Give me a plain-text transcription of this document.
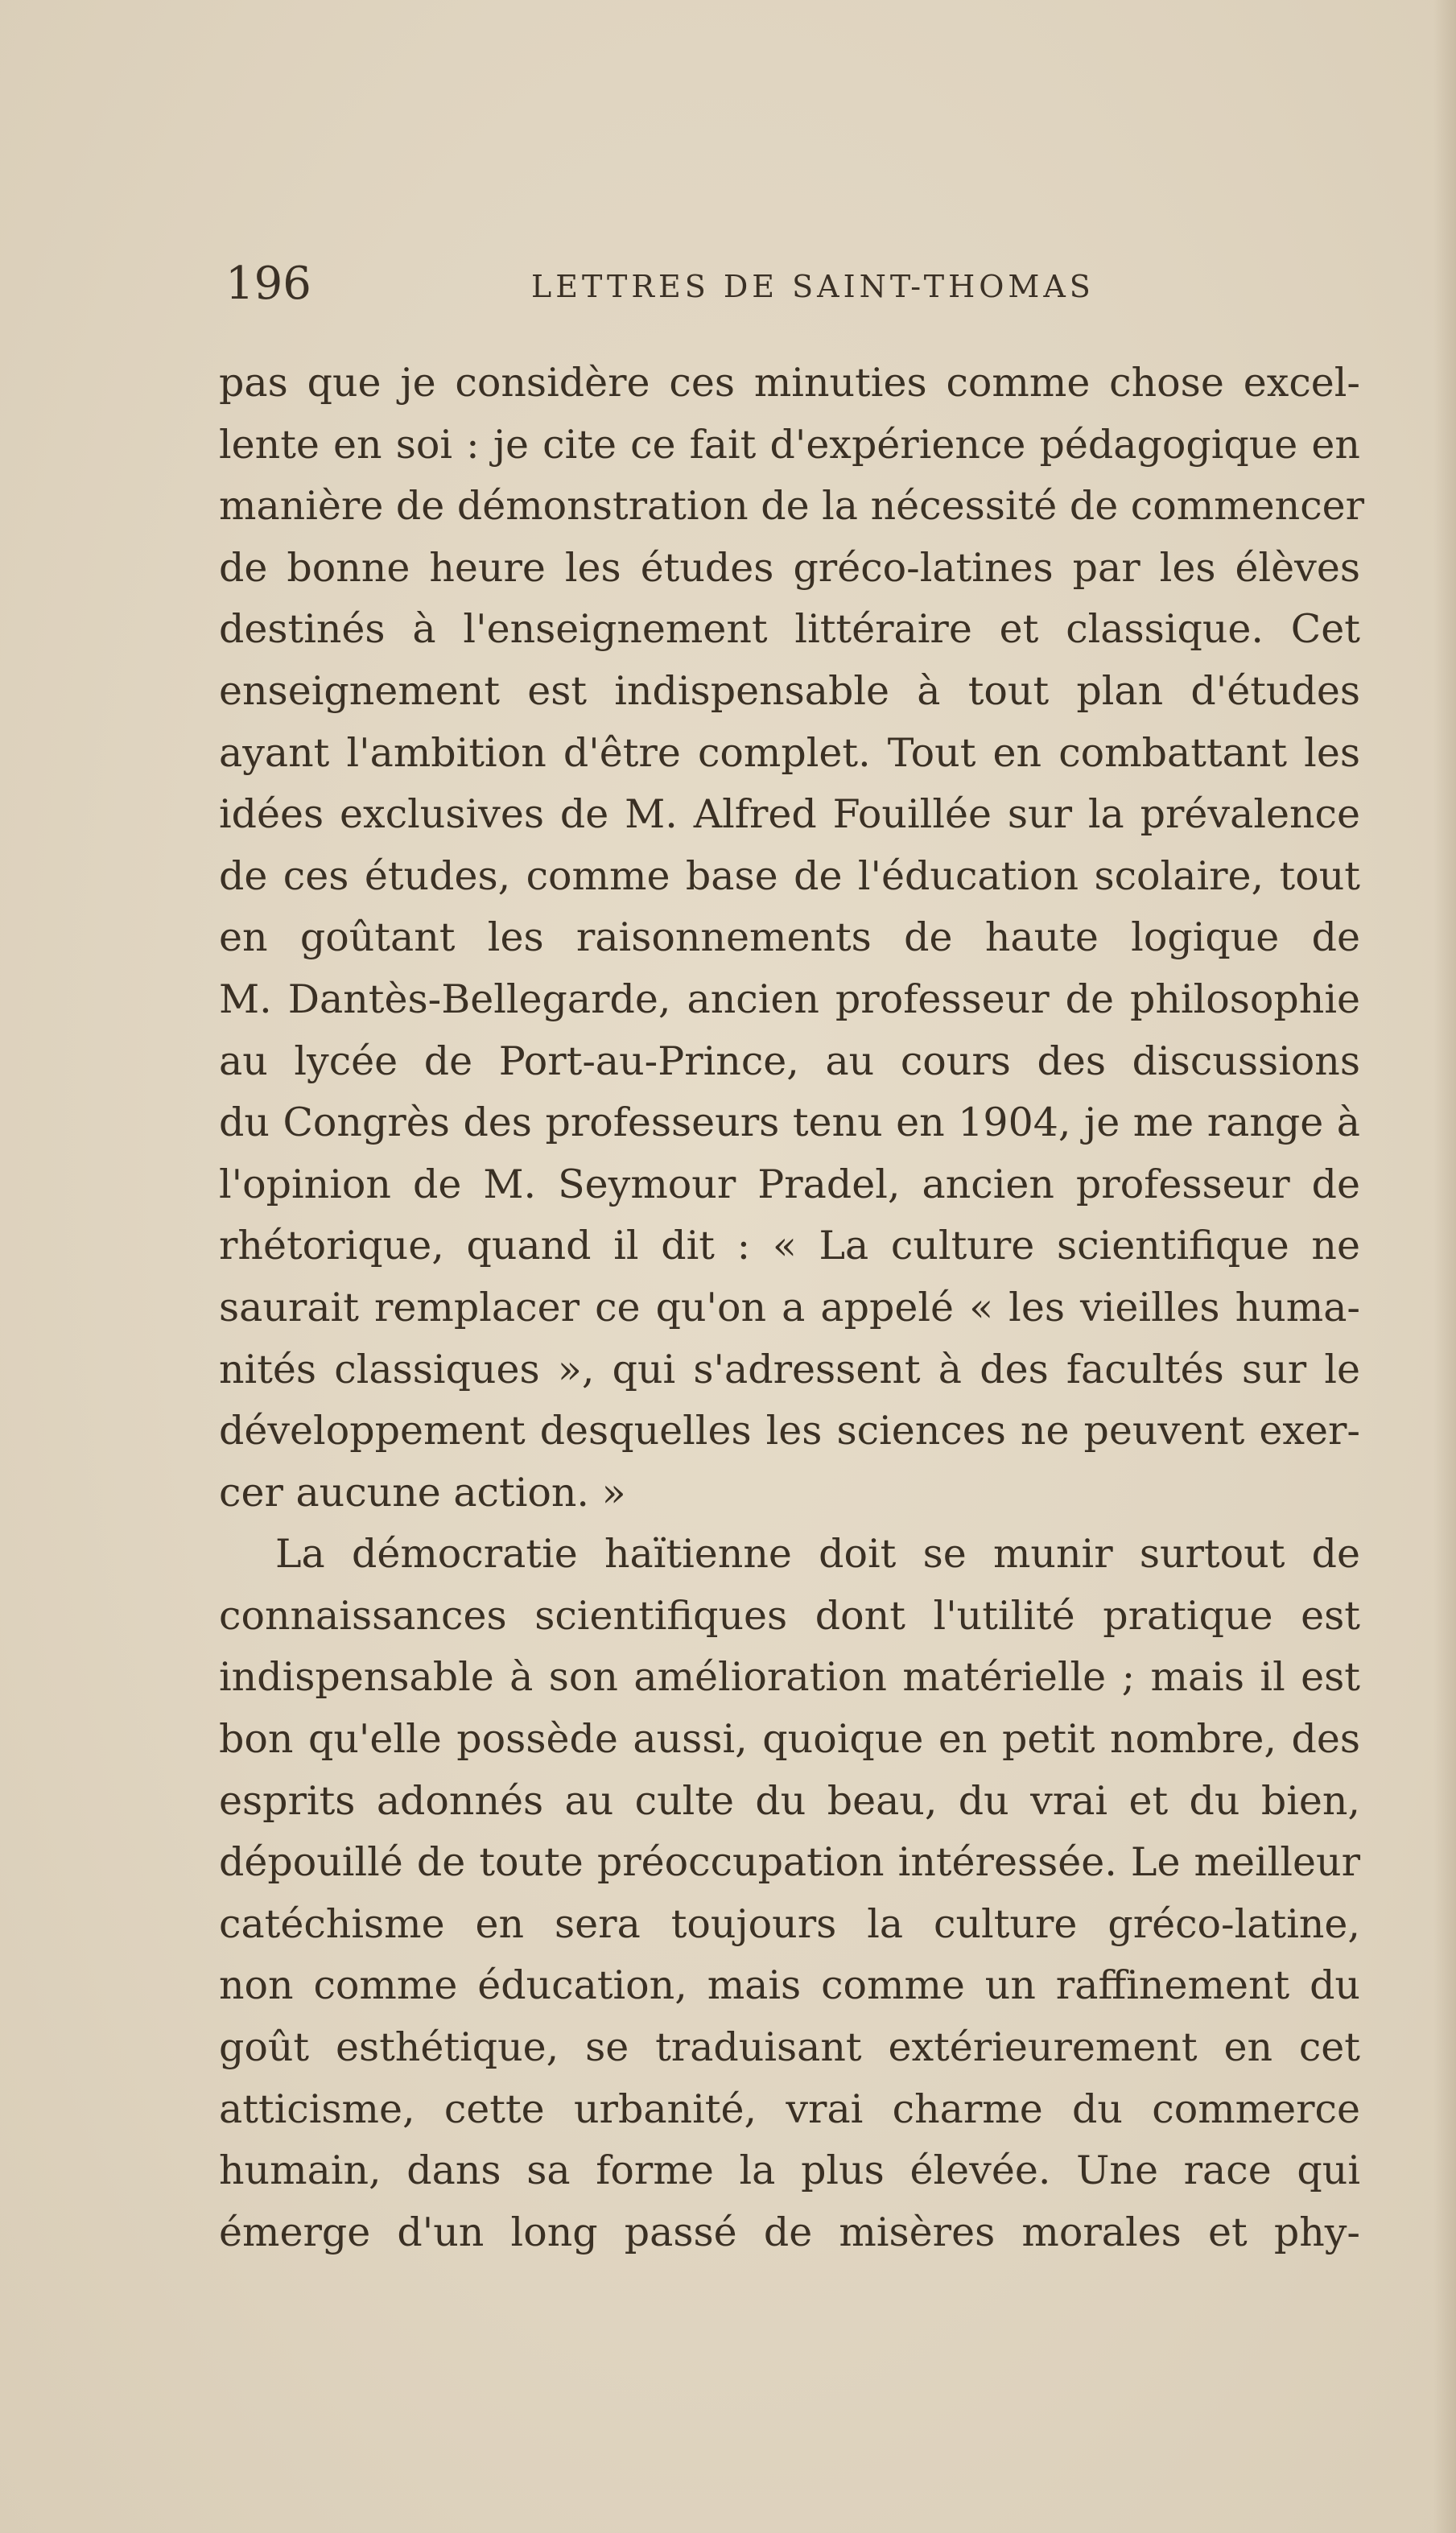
196	LETTRES DE SAINT-THOMAS
pas que je considère ces minuties comme chose excel-
lente en soi : je cite ce fait d'expérience pédagogique en
manière de démonstration de la nécessité de commencer
de bonne heure les études gréco-latines par les élèves
destinés à l'enseignement littéraire et classique. Cet
enseignement est indispensable à tout plan d'études
ayant l'ambition d'être complet. Tout en combattant les
idées exclusives de M. Alfred Fouillée sur la prévalence
de ces études, comme base de l'éducation scolaire, tout
en goûtant les raisonnements de haute logique de
M. Dantès-Bellegarde, ancien professeur de philosophie
au lycée de Port-au-Prince, au cours des discussions
du Congrès des professeurs tenu en 1904, je me range à
l'opinion de M. Seymour Pradel, ancien professeur de
rhétorique, quand il dit : « La culture scientifique ne
saurait remplacer ce qu'on a appelé « les vieilles huma-
nités classiques », qui s'adressent à des facultés sur le
développement desquelles les sciences ne peuvent exer-
cer aucune action. »
La démocratie haïtienne doit se munir surtout de
connaissances scientifiques dont l'utilité pratique est
indispensable à son amélioration matérielle ; mais il est
bon qu'elle possède aussi, quoique en petit nombre, des
esprits adonnés au culte du beau, du vrai et du bien,
dépouillé de toute préoccupation intéressée. Le meilleur
catéchisme en sera toujours la culture gréco-latine,
non comme éducation, mais comme un raffinement du
goût esthétique, se traduisant extérieurement en cet
atticisme, cette urbanité, vrai charme du commerce
humain, dans sa forme la plus élevée. Une race qui
émerge d'un long passé de misères morales et phy-
